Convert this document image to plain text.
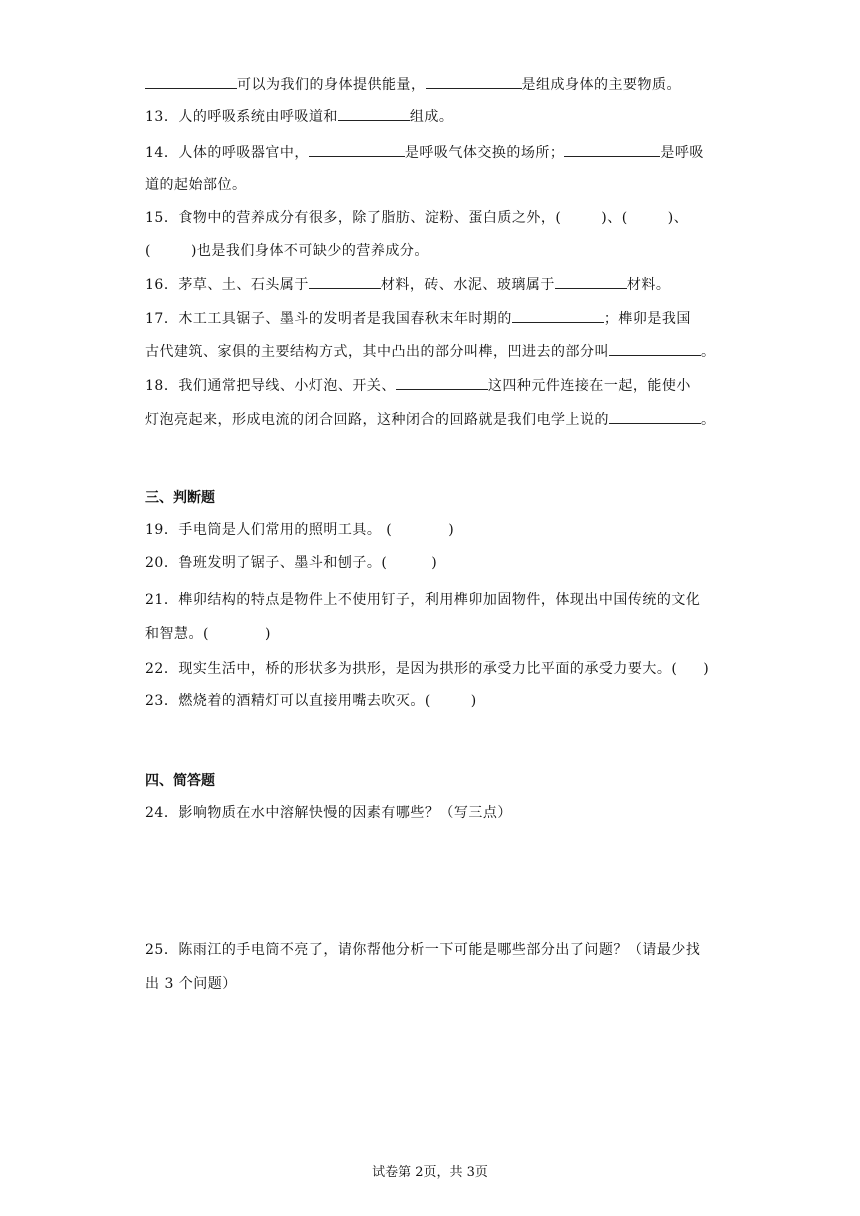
可以为我们的身体提供能量，	是组成身体的主要物质。
13．人的呼吸系统由呼吸道和	组成。
14．人体的呼吸器官中，	是呼吸气体交换的场所；	是呼吸
道的起始部位。
15．食物中的营养成分有很多，除了脂肪、淀粉、蛋白质之外，(	)、(	)、
(	)也是我们身体不可缺少的营养成分。
16．茅草、土、石头属于	材料，砖、水泥、玻璃属于	材料。
17．木工工具锯子、墨斗的发明者是我国春秋末年时期的	；榫卯是我国
古代建筑、家俱的主要结构方式，其中凸出的部分叫榫，凹进去的部分叫	。
18．我们通常把导线、小灯泡、开关、	这四种元件连接在一起，能使小
灯泡亮起来，形成电流的闭合回路，这种闭合的回路就是我们电学上说的	。
三、判断题
19．手电筒是人们常用的照明工具。 (	)
20．鲁班发明了锯子、墨斗和刨子。(	)
21．榫卯结构的特点是物件上不使用钉子，利用榫卯加固物件，体现出中国传统的文化
和智慧。(	)
22．现实生活中，桥的形状多为拱形，是因为拱形的承受力比平面的承受力要大。( )
23．燃烧着的酒精灯可以直接用嘴去吹灭。(	)
四、简答题
24．影响物质在水中溶解快慢的因素有哪些？（写三点）
25．陈雨江的手电筒不亮了，请你帮他分析一下可能是哪些部分出了问题？（请最少找
出 3 个问题）
试卷第 2页，共 3页
